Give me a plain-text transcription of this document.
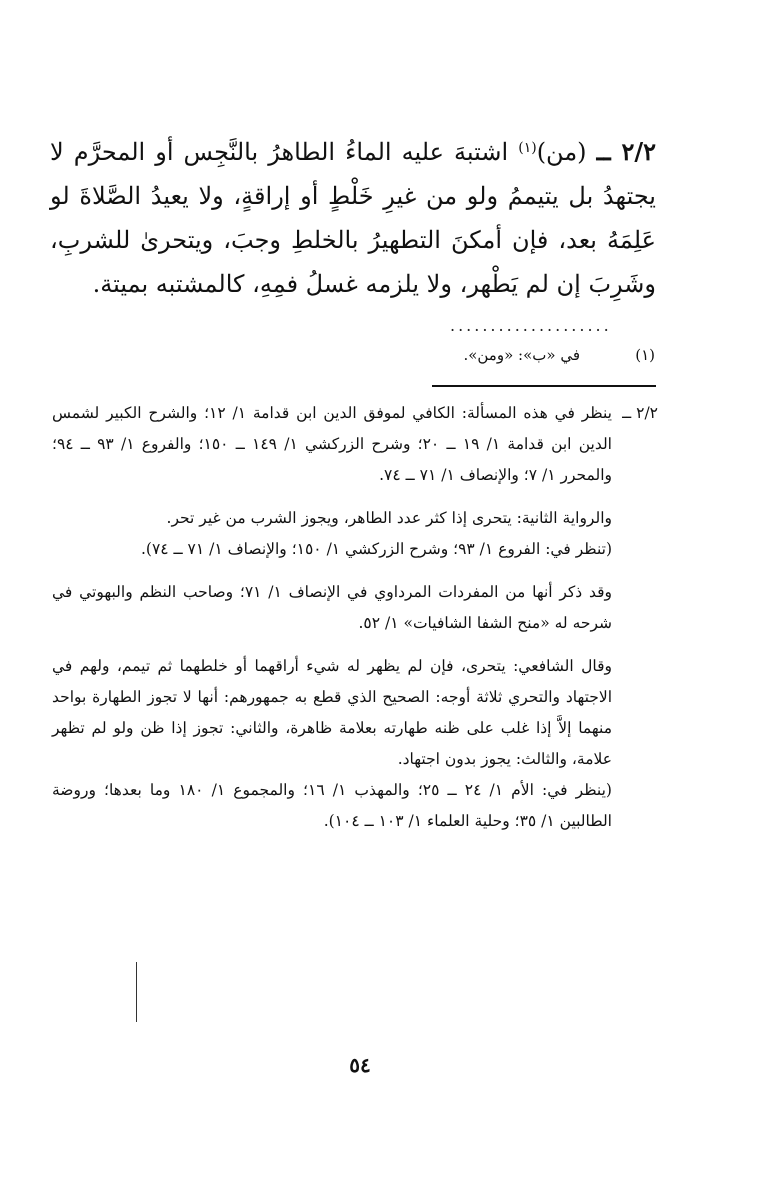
٢/٢ ــ (من)$^{(١)}$ اشتبهَ عليه الماءُ الطاهرُ بالنَّجِس أو المحرَّم لا يجتهدُ بل يتيممُ ولو من غيرِ خَلْطٍ أو إراقةٍ، ولا يعيدُ الصَّلاةَ لو عَلِمَهُ بعد، فإن أمكنَ التطهيرُ بالخلطِ وجبَ، ويتحرىٰ للشربِ، وشَرِبَ إن لم يَطْهر، ولا يلزمه غسلُ فمِهِ، كالمشتبه بميتة.
....................
(١)
في «ب»: «ومن».
٢/٢ ــ

ينظر في هذه المسألة: الكافي لموفق الدين ابن قدامة ١/ ١٢؛ والشرح الكبير لشمس الدين ابن قدامة ١/ ١٩ ــ ٢٠؛ وشرح الزركشي ١/ ١٤٩ ــ ١٥٠؛ والفروع ١/ ٩٣ ــ ٩٤؛ والمحرر ١/ ٧؛ والإنصاف ١/ ٧١ ــ ٧٤.

والرواية الثانية: يتحرى إذا كثر عدد الطاهر، ويجوز الشرب من غير تحر.

(تنظر في: الفروع ١/ ٩٣؛ وشرح الزركشي ١/ ١٥٠؛ والإنصاف ١/ ٧١ ــ ٧٤).

وقد ذكر أنها من المفردات المرداوي في الإنصاف ١/ ٧١؛ وصاحب النظم والبهوتي في شرحه له «منح الشفا الشافيات» ١/ ٥٢.

وقال الشافعي: يتحرى، فإن لم يظهر له شيء أراقهما أو خلطهما ثم تيمم، ولهم في الاجتهاد والتحري ثلاثة أوجه: الصحيح الذي قطع به جمهورهم: أنها لا تجوز الطهارة بواحد منهما إلاَّ إذا غلب على ظنه طهارته بعلامة ظاهرة، والثاني: تجوز إذا ظن ولو لم تظهر علامة، والثالث: يجوز بدون اجتهاد.

(ينظر في: الأم ١/ ٢٤ ــ ٢٥؛ والمهذب ١/ ١٦؛ والمجموع ١/ ١٨٠ وما بعدها؛ وروضة الطالبين ١/ ٣٥؛ وحلية العلماء ١/ ١٠٣ ــ ١٠٤).

٥٤
